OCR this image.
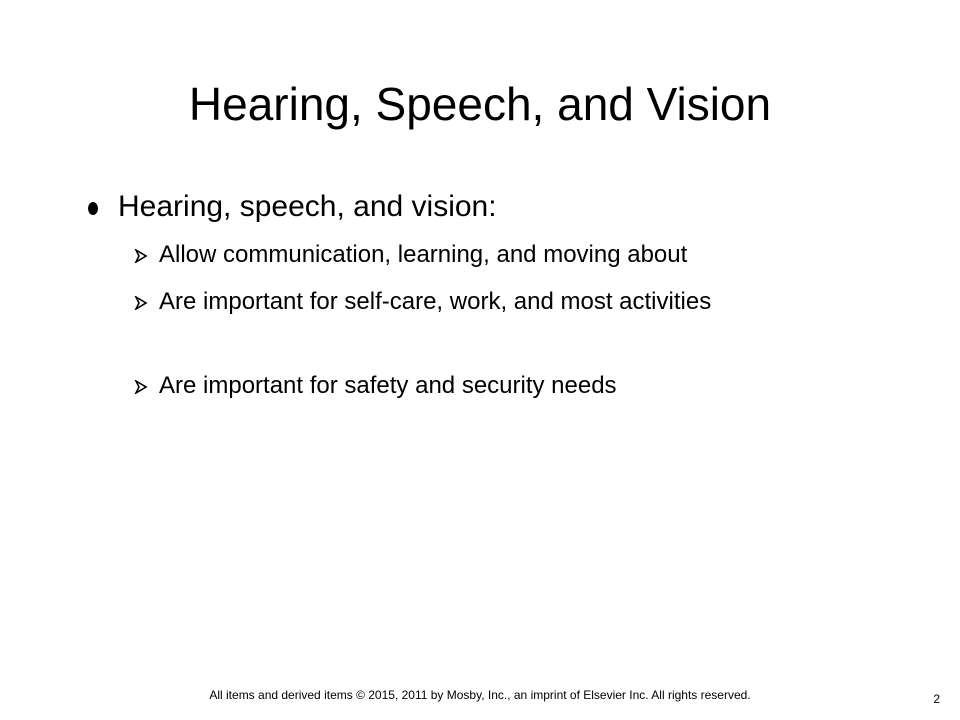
Hearing, Speech, and Vision
Hearing, speech, and vision:
Allow communication, learning, and moving about
Are important for self-care, work, and most activities
Are important for safety and security needs
All items and derived items © 2015, 2011 by Mosby, Inc., an imprint of Elsevier Inc. All rights reserved.	2
